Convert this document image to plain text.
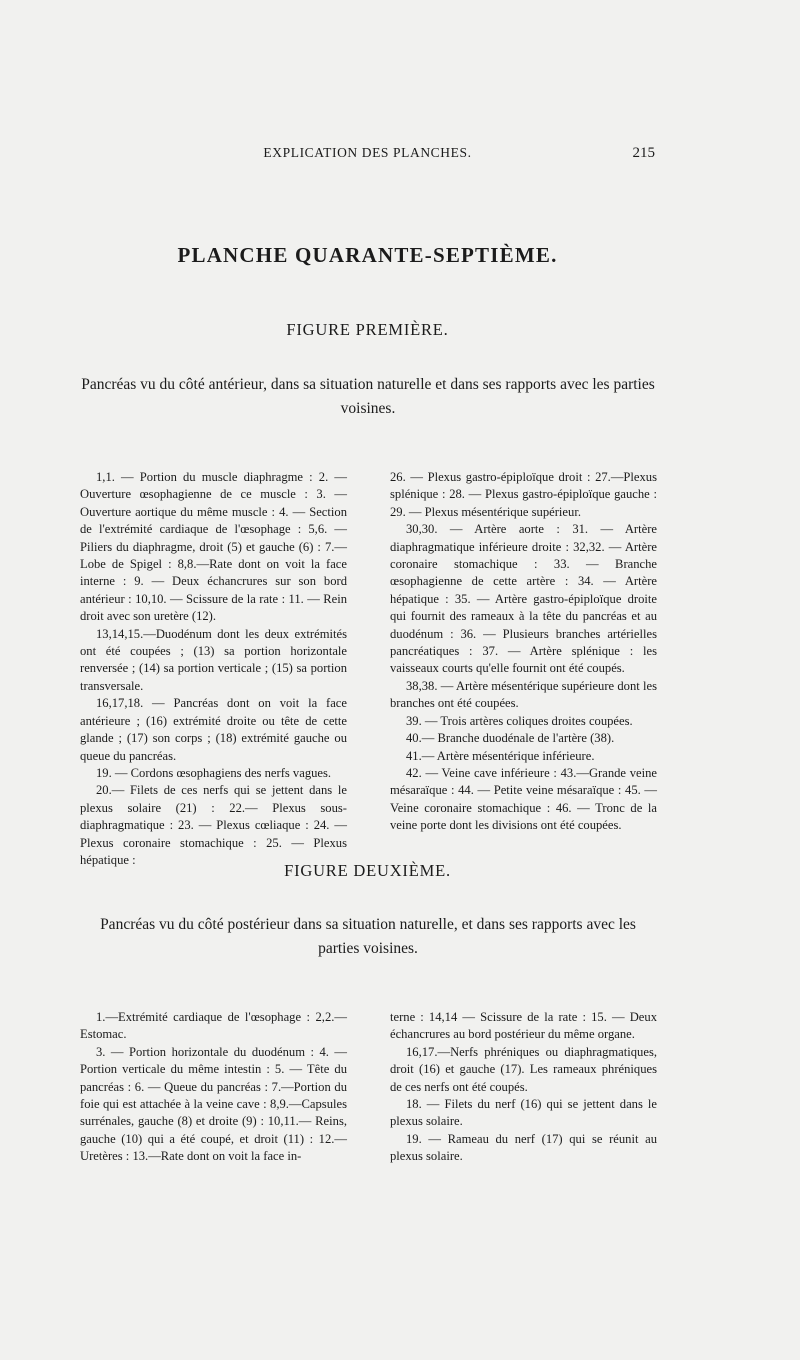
EXPLICATION DES PLANCHES.	215
PLANCHE QUARANTE-SEPTIÈME.
FIGURE PREMIÈRE.
Pancréas vu du côté antérieur, dans sa situation naturelle et dans ses rapports avec les parties voisines.

1,1. — Portion du muscle diaphragme : 2. — Ouverture œsophagienne de ce muscle : 3. — Ouverture aortique du même muscle : 4. — Section de l'extrémité cardiaque de l'œsophage : 5,6. — Piliers du diaphragme, droit (5) et gauche (6) : 7.— Lobe de Spigel : 8,8.—Rate dont on voit la face interne : 9. — Deux échancrures sur son bord antérieur : 10,10. — Scissure de la rate : 11. — Rein droit avec son uretère (12).

13,14,15.—Duodénum dont les deux extrémités ont été coupées ; (13) sa portion horizontale renversée ; (14) sa portion verticale ; (15) sa portion transversale.

16,17,18. — Pancréas dont on voit la face antérieure ; (16) extrémité droite ou tête de cette glande ; (17) son corps ; (18) extrémité gauche ou queue du pancréas.

19. — Cordons œsophagiens des nerfs vagues.

20.— Filets de ces nerfs qui se jettent dans le plexus solaire (21) : 22.— Plexus sous-diaphragmatique : 23. — Plexus cœliaque : 24. — Plexus coronaire stomachique : 25. — Plexus hépatique :

26. — Plexus gastro-épiploïque droit : 27.—Plexus splénique : 28. — Plexus gastro-épiploïque gauche : 29. — Plexus mésentérique supérieur.

30,30. — Artère aorte : 31. — Artère diaphragmatique inférieure droite : 32,32. — Artère coronaire stomachique : 33. — Branche œsophagienne de cette artère : 34. — Artère hépatique : 35. — Artère gastro-épiploïque droite qui fournit des rameaux à la tête du pancréas et au duodénum : 36. — Plusieurs branches artérielles pancréatiques : 37. — Artère splénique : les vaisseaux courts qu'elle fournit ont été coupés.

38,38. — Artère mésentérique supérieure dont les branches ont été coupées.

39. — Trois artères coliques droites coupées.

40.— Branche duodénale de l'artère (38).

41.— Artère mésentérique inférieure.

42. — Veine cave inférieure : 43.—Grande veine mésaraïque : 44. — Petite veine mésaraïque : 45. — Veine coronaire stomachique : 46. — Tronc de la veine porte dont les divisions ont été coupées.

FIGURE DEUXIÈME.
Pancréas vu du côté postérieur dans sa situation naturelle, et dans ses rapports avec les parties voisines.

1.—Extrémité cardiaque de l'œsophage : 2,2.— Estomac.

3. — Portion horizontale du duodénum : 4. — Portion verticale du même intestin : 5. — Tête du pancréas : 6. — Queue du pancréas : 7.—Portion du foie qui est attachée à la veine cave : 8,9.—Capsules surrénales, gauche (8) et droite (9) : 10,11.— Reins, gauche (10) qui a été coupé, et droit (11) : 12.—Uretères : 13.—Rate dont on voit la face in-

terne : 14,14 — Scissure de la rate : 15. — Deux échancrures au bord postérieur du même organe.

16,17.—Nerfs phréniques ou diaphragmatiques, droit (16) et gauche (17). Les rameaux phréniques de ces nerfs ont été coupés.

18. — Filets du nerf (16) qui se jettent dans le plexus solaire.

19. — Rameau du nerf (17) qui se réunit au plexus solaire.
